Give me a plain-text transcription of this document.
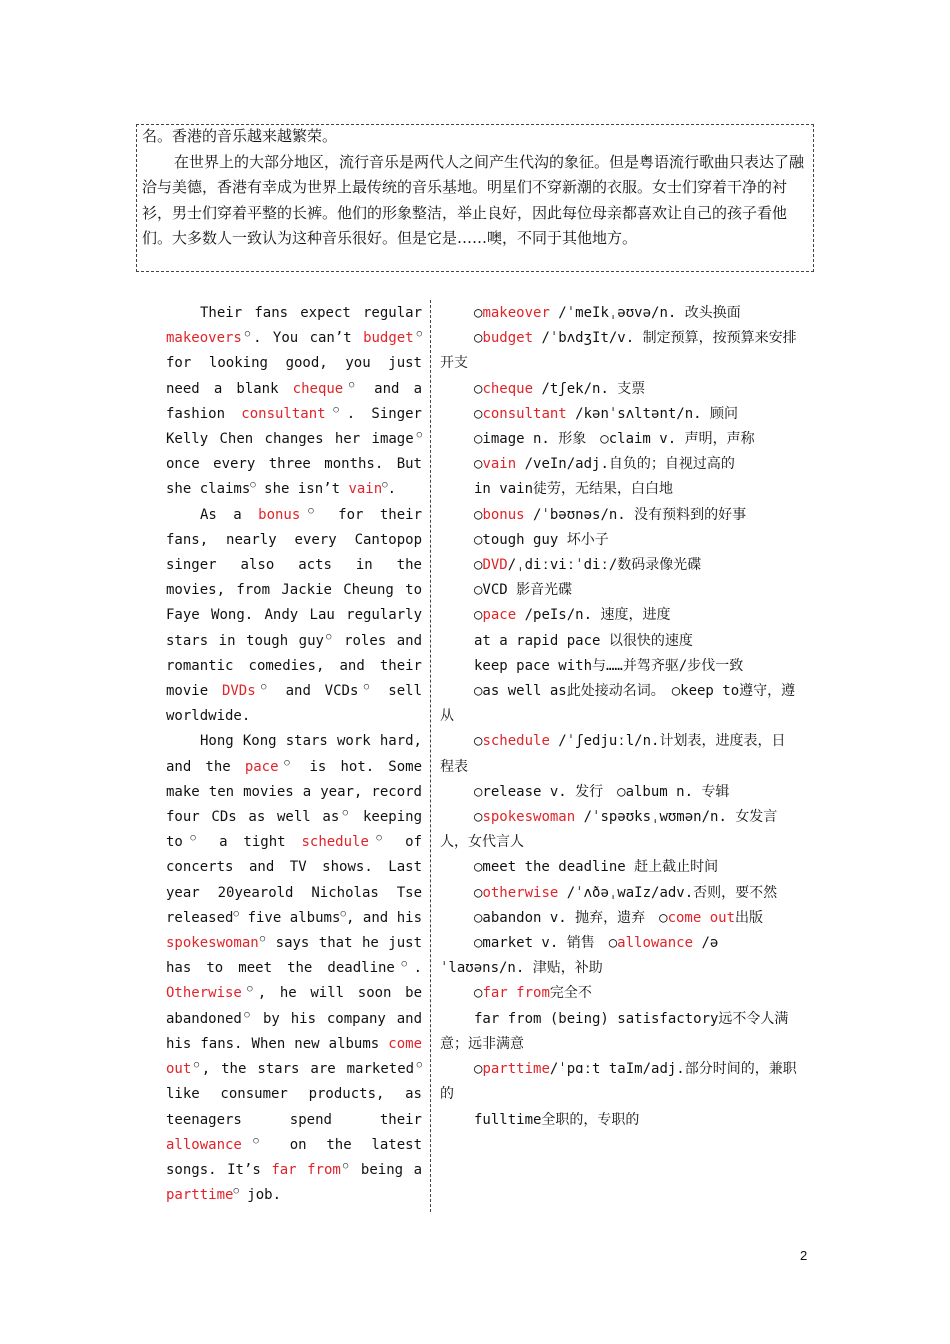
名。香港的音乐越来越繁荣。

在世界上的大部分地区，流行音乐是两代人之间产生代沟的象征。但是粤语流行歌曲只表达了融洽与美德，香港有幸成为世界上最传统的音乐基地。明星们不穿新潮的衣服。女士们穿着干净的衬衫，男士们穿着平整的长裤。他们的形象整洁，举止良好，因此每位母亲都喜欢让自己的孩子看他们。大多数人一致认为这种音乐很好。但是它是……噢，不同于其他地方。

Their fans expect regular makeovers○. You can’t budget○ for looking good, you just need a blank cheque○ and a fashion consultant○. Singer Kelly Chen changes her image○ once every three months. But she claims○ she isn’t vain○.

As a bonus○ for their fans, nearly every Cantopop singer also acts in the movies, from Jackie Cheung to Faye Wong. Andy Lau regularly stars in tough guy○ roles and romantic comedies, and their movie DVDs○ and VCDs○ sell worldwide.

Hong Kong stars work hard, and the pace○ is hot. Some make ten movies a year, record four CDs as well as○ keeping to○ a tight schedule○ of concerts and TV shows. Last year 20yearold Nicholas Tse released○ five albums○, and his spokeswoman○ says that he just has to meet the deadline○. Otherwise○, he will soon be abandoned○ by his company and his fans. When new albums come out○, the stars are marketed○ like consumer products, as teenagers spend their allowance○ on the latest songs. It’s far from○ being a parttime○ job.

○makeover /ˈmeIkˌəʊvə/n. 改头换面
○budget /ˈbʌdʒIt/v. 制定预算，按预算来安排开支
○cheque /tʃek/n. 支票
○consultant /kənˈsʌltənt/n. 顾问
○image n. 形象　○claim v. 声明，声称
○vain /veIn/adj.自负的；自视过高的
in vain徒劳，无结果，白白地
○bonus /ˈbəʊnəs/n. 没有预料到的好事
○tough guy 坏小子
○DVD/ˌdiːviːˈdiː/数码录像光碟
○VCD 影音光碟
○pace /peIs/n. 速度，进度
at a rapid pace 以很快的速度
keep pace with与……并驾齐驱/步伐一致
○as well as此处接动名词。　○keep to遵守，遵从
○schedule /ˈʃedjuːl/n.计划表，进度表，日程表
○release v. 发行　○album n. 专辑
○spokeswoman /ˈspəʊksˌwʊmən/n. 女发言人，女代言人
○meet the deadline 赶上截止时间
○otherwise /ˈʌðəˌwaIz/adv.否则，要不然
○abandon v. 抛弃，遗弃　○come out出版
○market v. 销售　○allowance /əˈlaʊəns/n. 津贴，补助
○far from完全不
far from (being) satisfactory远不令人满意；远非满意
○parttime/ˈpɑːt taIm/adj.部分时间的，兼职的
fulltime全职的，专职的
2
